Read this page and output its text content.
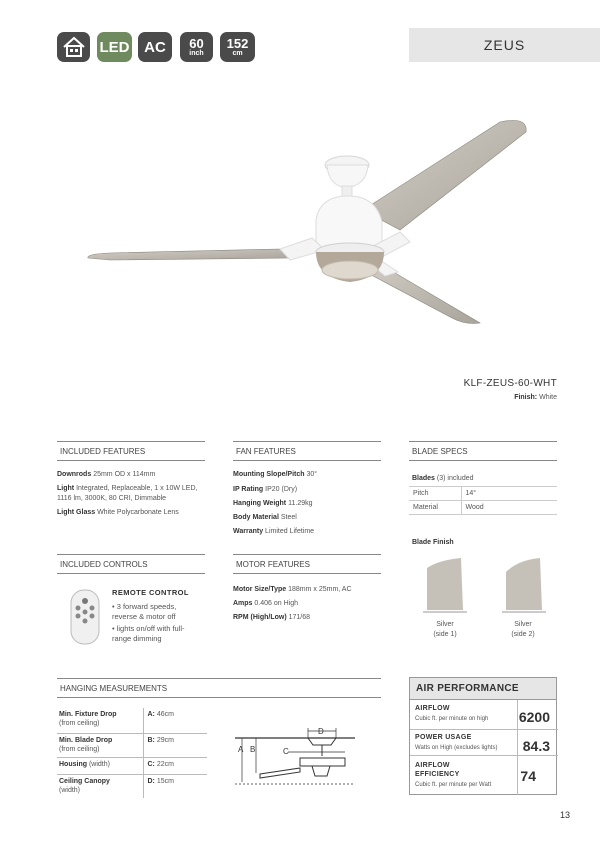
LED AC	60
inch
152
cm
ZEUS
KLF-ZEUS-60-WHT
Finish: White
INCLUDED FEATURES
Downrods 25mm OD x 114mm
Light Integrated, Replaceable, 1 x 10W LED, 1116 lm, 3000K, 80 CRI, Dimmable
Light Glass White Polycarbonate Lens
FAN FEATURES
Mounting Slope/Pitch 30°
IP Rating IP20 (Dry)
Hanging Weight 11.29kg
Body Material Steel
Warranty Limited Lifetime
BLADE SPECS
Blades (3) included
Pitch	14°
Material	Wood
Blade Finish
Silver
(side 1)
Silver
(side 2)
INCLUDED CONTROLS
REMOTE CONTROL
• 3 forward speeds, reverse & motor off
• lights on/off with full-range dimming
MOTOR FEATURES
Motor Size/Type 188mm x 25mm, AC
Amps 0.406 on High
RPM (High/Low) 171/68
HANGING MEASUREMENTS
Min. Fixture Drop
(from ceiling)	A: 46cm
Min. Blade Drop
(from ceiling)	B: 29cm
Housing (width)	C: 22cm
Ceiling Canopy
(width)	D: 15cm
A B	C
D
AIR PERFORMANCE
AIRFLOW
Cubic ft. per minute on high 6200
POWER USAGE
Watts on High (excludes lights) 84.3
AIRFLOW EFFICIENCY
Cubic ft. per minute per Watt
74
13
